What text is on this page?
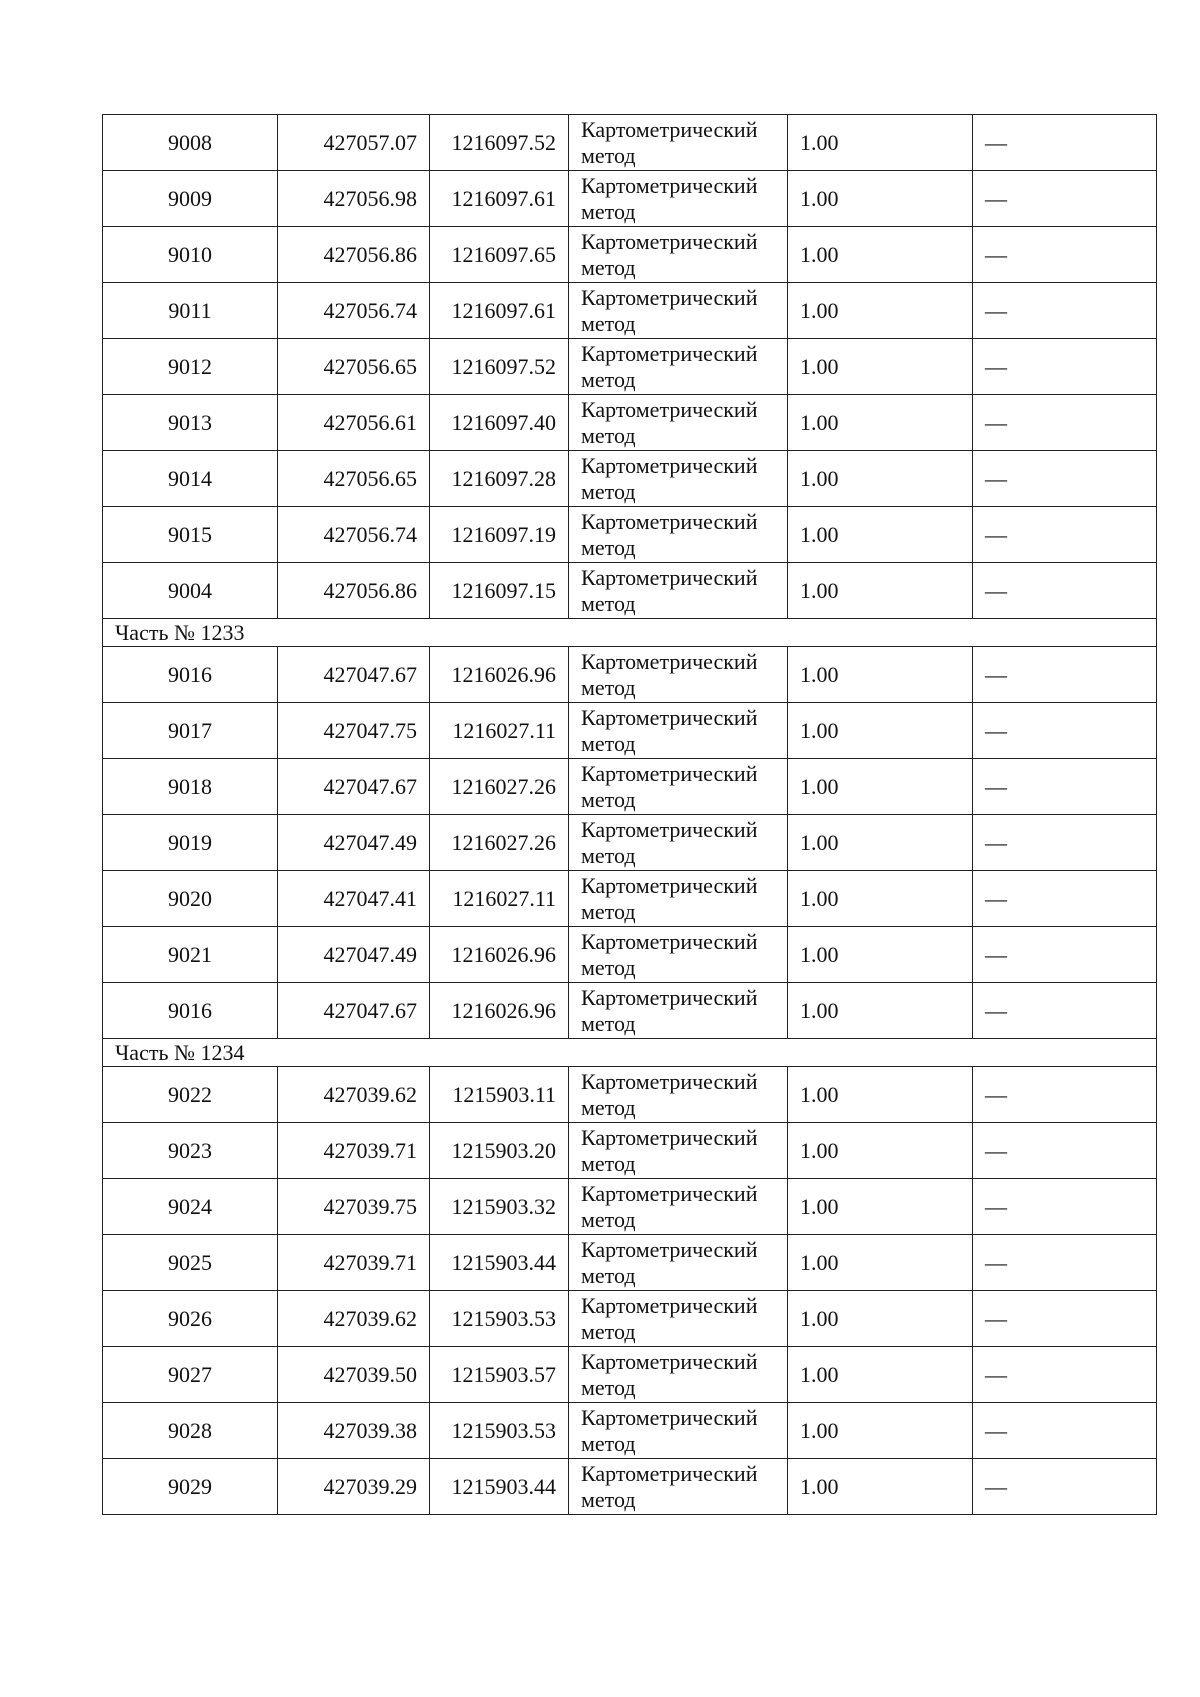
9008	427057.07	1216097.52	Картометрический
метод	1.00	—
9009	427056.98	1216097.61	Картометрический
метод	1.00	—
9010	427056.86	1216097.65	Картометрический
метод	1.00	—
9011	427056.74	1216097.61	Картометрический
метод	1.00	—
9012	427056.65	1216097.52	Картометрический
метод	1.00	—
9013	427056.61	1216097.40	Картометрический
метод	1.00	—
9014	427056.65	1216097.28	Картометрический
метод	1.00	—
9015	427056.74	1216097.19	Картометрический
метод	1.00	—
9004	427056.86	1216097.15	Картометрический
метод	1.00	—
Часть № 1233					
9016	427047.67	1216026.96	Картометрический
метод	1.00	—
9017	427047.75	1216027.11	Картометрический
метод	1.00	—
9018	427047.67	1216027.26	Картометрический
метод	1.00	—
9019	427047.49	1216027.26	Картометрический
метод	1.00	—
9020	427047.41	1216027.11	Картометрический
метод	1.00	—
9021	427047.49	1216026.96	Картометрический
метод	1.00	—
9016	427047.67	1216026.96	Картометрический
метод	1.00	—
Часть № 1234					
9022	427039.62	1215903.11	Картометрический
метод	1.00	—
9023	427039.71	1215903.20	Картометрический
метод	1.00	—
9024	427039.75	1215903.32	Картометрический
метод	1.00	—
9025	427039.71	1215903.44	Картометрический
метод	1.00	—
9026	427039.62	1215903.53	Картометрический
метод	1.00	—
9027	427039.50	1215903.57	Картометрический
метод	1.00	—
9028	427039.38	1215903.53	Картометрический
метод	1.00	—
9029	427039.29	1215903.44	Картометрический
метод	1.00	—
